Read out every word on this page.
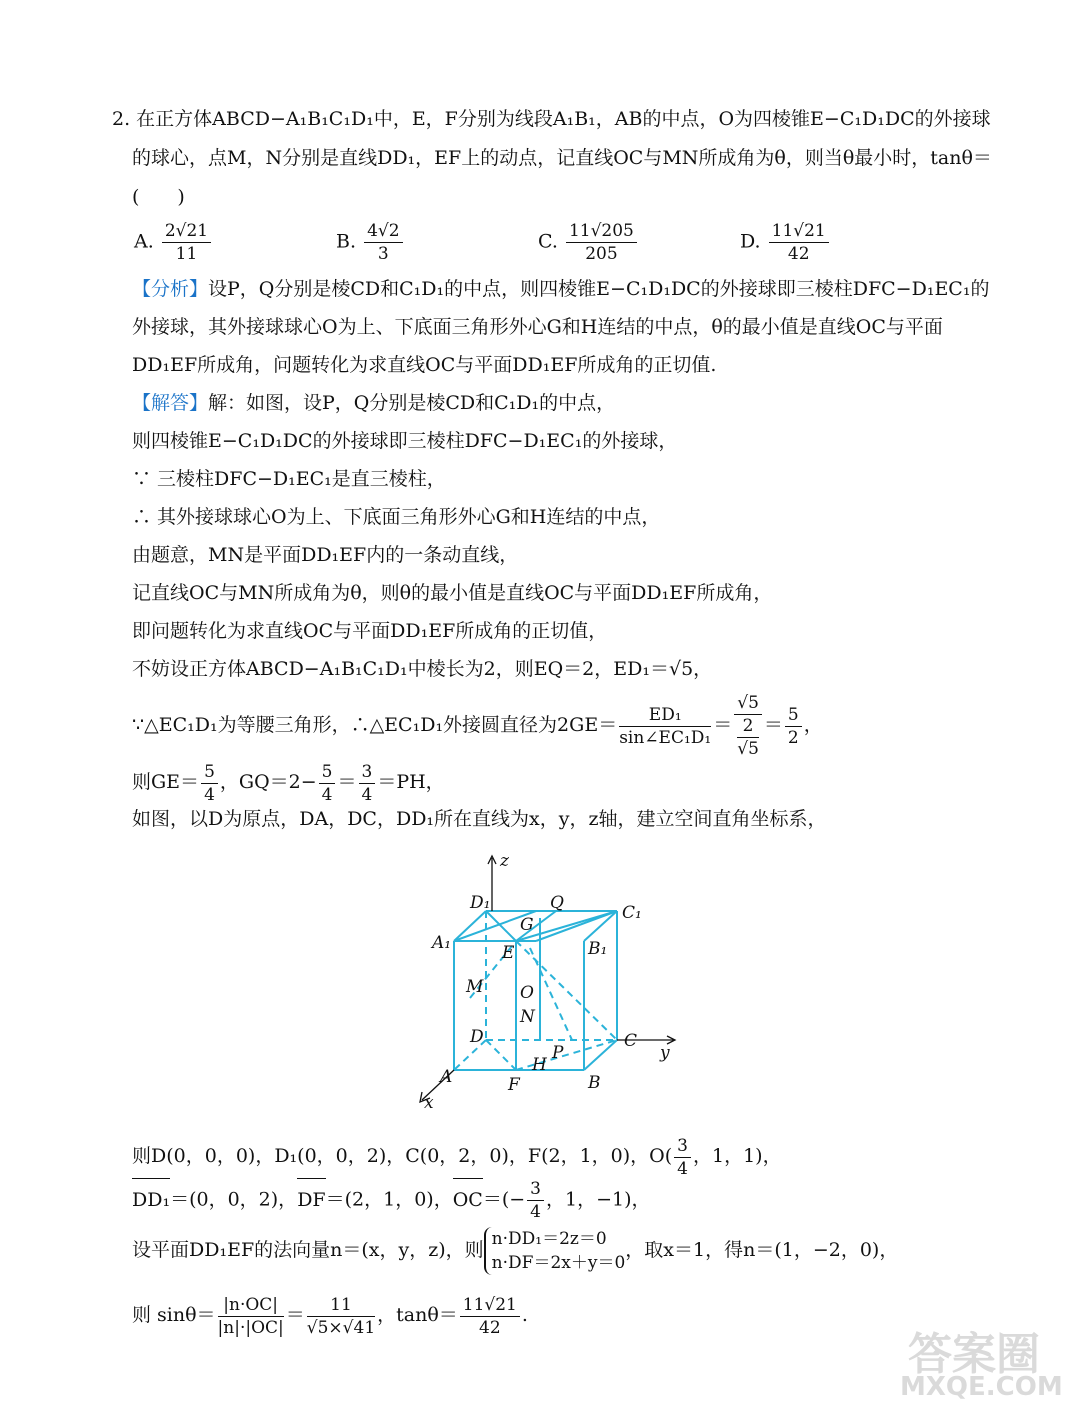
2. 在正方体ABCD−A₁B₁C₁D₁中，E，F分别为线段A₁B₁，AB的中点，O为四棱锥E−C₁D₁DC的外接球
的球心，点M，N分别是直线DD₁，EF上的动点，记直线OC与MN所成角为θ，则当θ最小时，tanθ＝
(　　)
A. $\frac{2√21}{11}$	B. $\frac{4√2}{3}$	C. $\frac{11√205}{205}$	D. $\frac{11√21}{42}$
【分析】设P，Q分别是棱CD和C₁D₁的中点，则四棱锥E−C₁D₁DC的外接球即三棱柱DFC−D₁EC₁的
外接球，其外接球球心O为上、下底面三角形外心G和H连结的中点，θ的最小值是直线OC与平面
DD₁EF所成角，问题转化为求直线OC与平面DD₁EF所成角的正切值.
【解答】解：如图，设P，Q分别是棱CD和C₁D₁的中点，
则四棱锥E−C₁D₁DC的外接球即三棱柱DFC−D₁EC₁的外接球，
∵ 三棱柱DFC−D₁EC₁是直三棱柱，
∴ 其外接球球心O为上、下底面三角形外心G和H连结的中点，
由题意，MN是平面DD₁EF内的一条动直线，
记直线OC与MN所成角为θ，则θ的最小值是直线OC与平面DD₁EF所成角，
即问题转化为求直线OC与平面DD₁EF所成角的正切值，
不妨设正方体ABCD−A₁B₁C₁D₁中棱长为2，则EQ＝2，ED₁＝√5，
∵△EC₁D₁为等腰三角形，∴△EC₁D₁外接圆直径为$2GE= \frac{\text{ED₁}}{\text{sin∠EC₁D₁}} = \frac{√5}{\frac{2}{√5}} = \frac{5}{2}$ ，
则$GE= \frac{5}{4}$ ，$GQ=2- \frac{5}{4} = \frac{3}{4} =PH$，
如图，以D为原点，DA，DC，DD₁所在直线为x，y，z轴，建立空间直角坐标系，
z
D₁	Q	C₁
G
A₁	E	B₁
M O
N
D	C
y
P
H
A	F	B
x
则D(0，0，0)，D₁(0，0，2)，C(0，2，0)，F(2，1，0)，$O( \frac{3}{4}$ ，1，1)，
DD₁＝(0，0，2)，DF＝(2，1，0)，$OC=(- \frac{3}{4}$ ，1，−1)，
设平面DD₁EF的法向量n＝(x，y，z)，则 n·DD₁＝2z＝0
n·DF＝2x＋y＝0
，取x＝1，得n＝(1，−2，0)，
则 $\sin\theta= \frac{|n\cdot OC|}{|n|\cdot|OC|} = \frac{11}{√5\times√41}$ ，$\tan\theta= \frac{11√21}{42}$ .
答案圈
MXQE.COM
